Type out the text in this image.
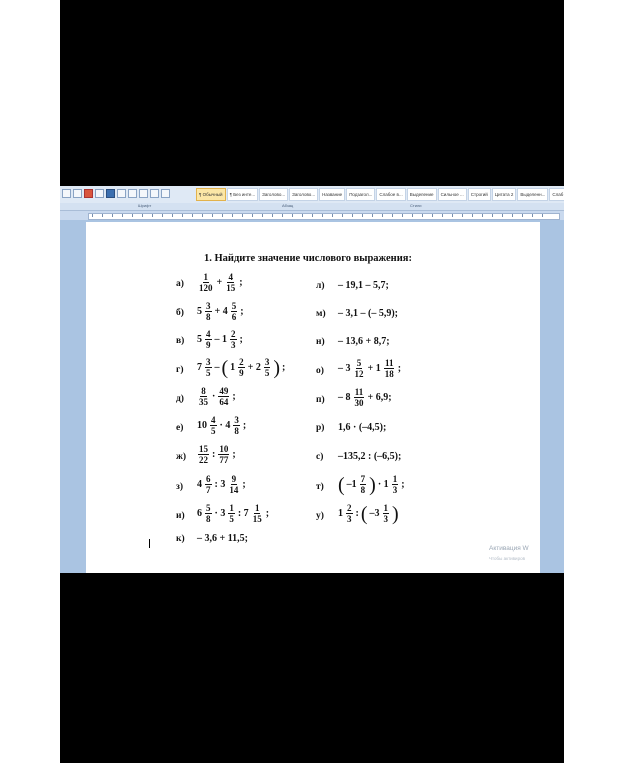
¶ Обычный	¶ Без инте...	Заголово...	Заголово...	Название	Подзагол...	Слабое в...	Выделение	Сильное ...	Строгий	Цитата 2	Выделенн...	Слаб
Шрифт	Абзац	Стили
1. Найдите значение числового выражения:
$а) \frac{1}{120} + \frac{4}{15}$ ;
б) $5 \frac{3}{8} + 4 \frac{5}{6}$ ;
в) $5 \frac{4}{9} - 1 \frac{2}{3}$ ;
г) $7 \frac{3}{5}$ – ( $1 \frac{2}{9} + 2 \frac{3}{5}$ ) ;
$д) \frac{8}{35} \cdot \frac{49}{64}$ ;
е) $10 \frac{4}{5} \cdot 4 \frac{3}{8}$ ;
$ж) \frac{15}{22}$ : $\frac{10}{77}$ ;
з) $4 \frac{6}{7}$ : $3 \frac{9}{14}$ ;
и) $6 \frac{5}{8} \cdot 3 \frac{1}{5}$ : $7 \frac{1}{15}$ ;
к) – 3,6 + 11,5;
л) – 19,1 – 5,7;
м) – 3,1 – (– 5,9);
н) – 13,6 + 8,7;
$о) - 3 \frac{5}{12} + 1 \frac{11}{18}$ ;
$п) - 8 \frac{11}{30} + 6,9$;
р) 1,6 · (–4,5);
с) –135,2 : (–6,5);
т) ( $-1 \frac{7}{8}$ ) · $1 \frac{1}{3}$ ;
у) $1 \frac{2}{3}$ : ( $-3 \frac{1}{3}$ )
Активация W
Чтобы активиров
